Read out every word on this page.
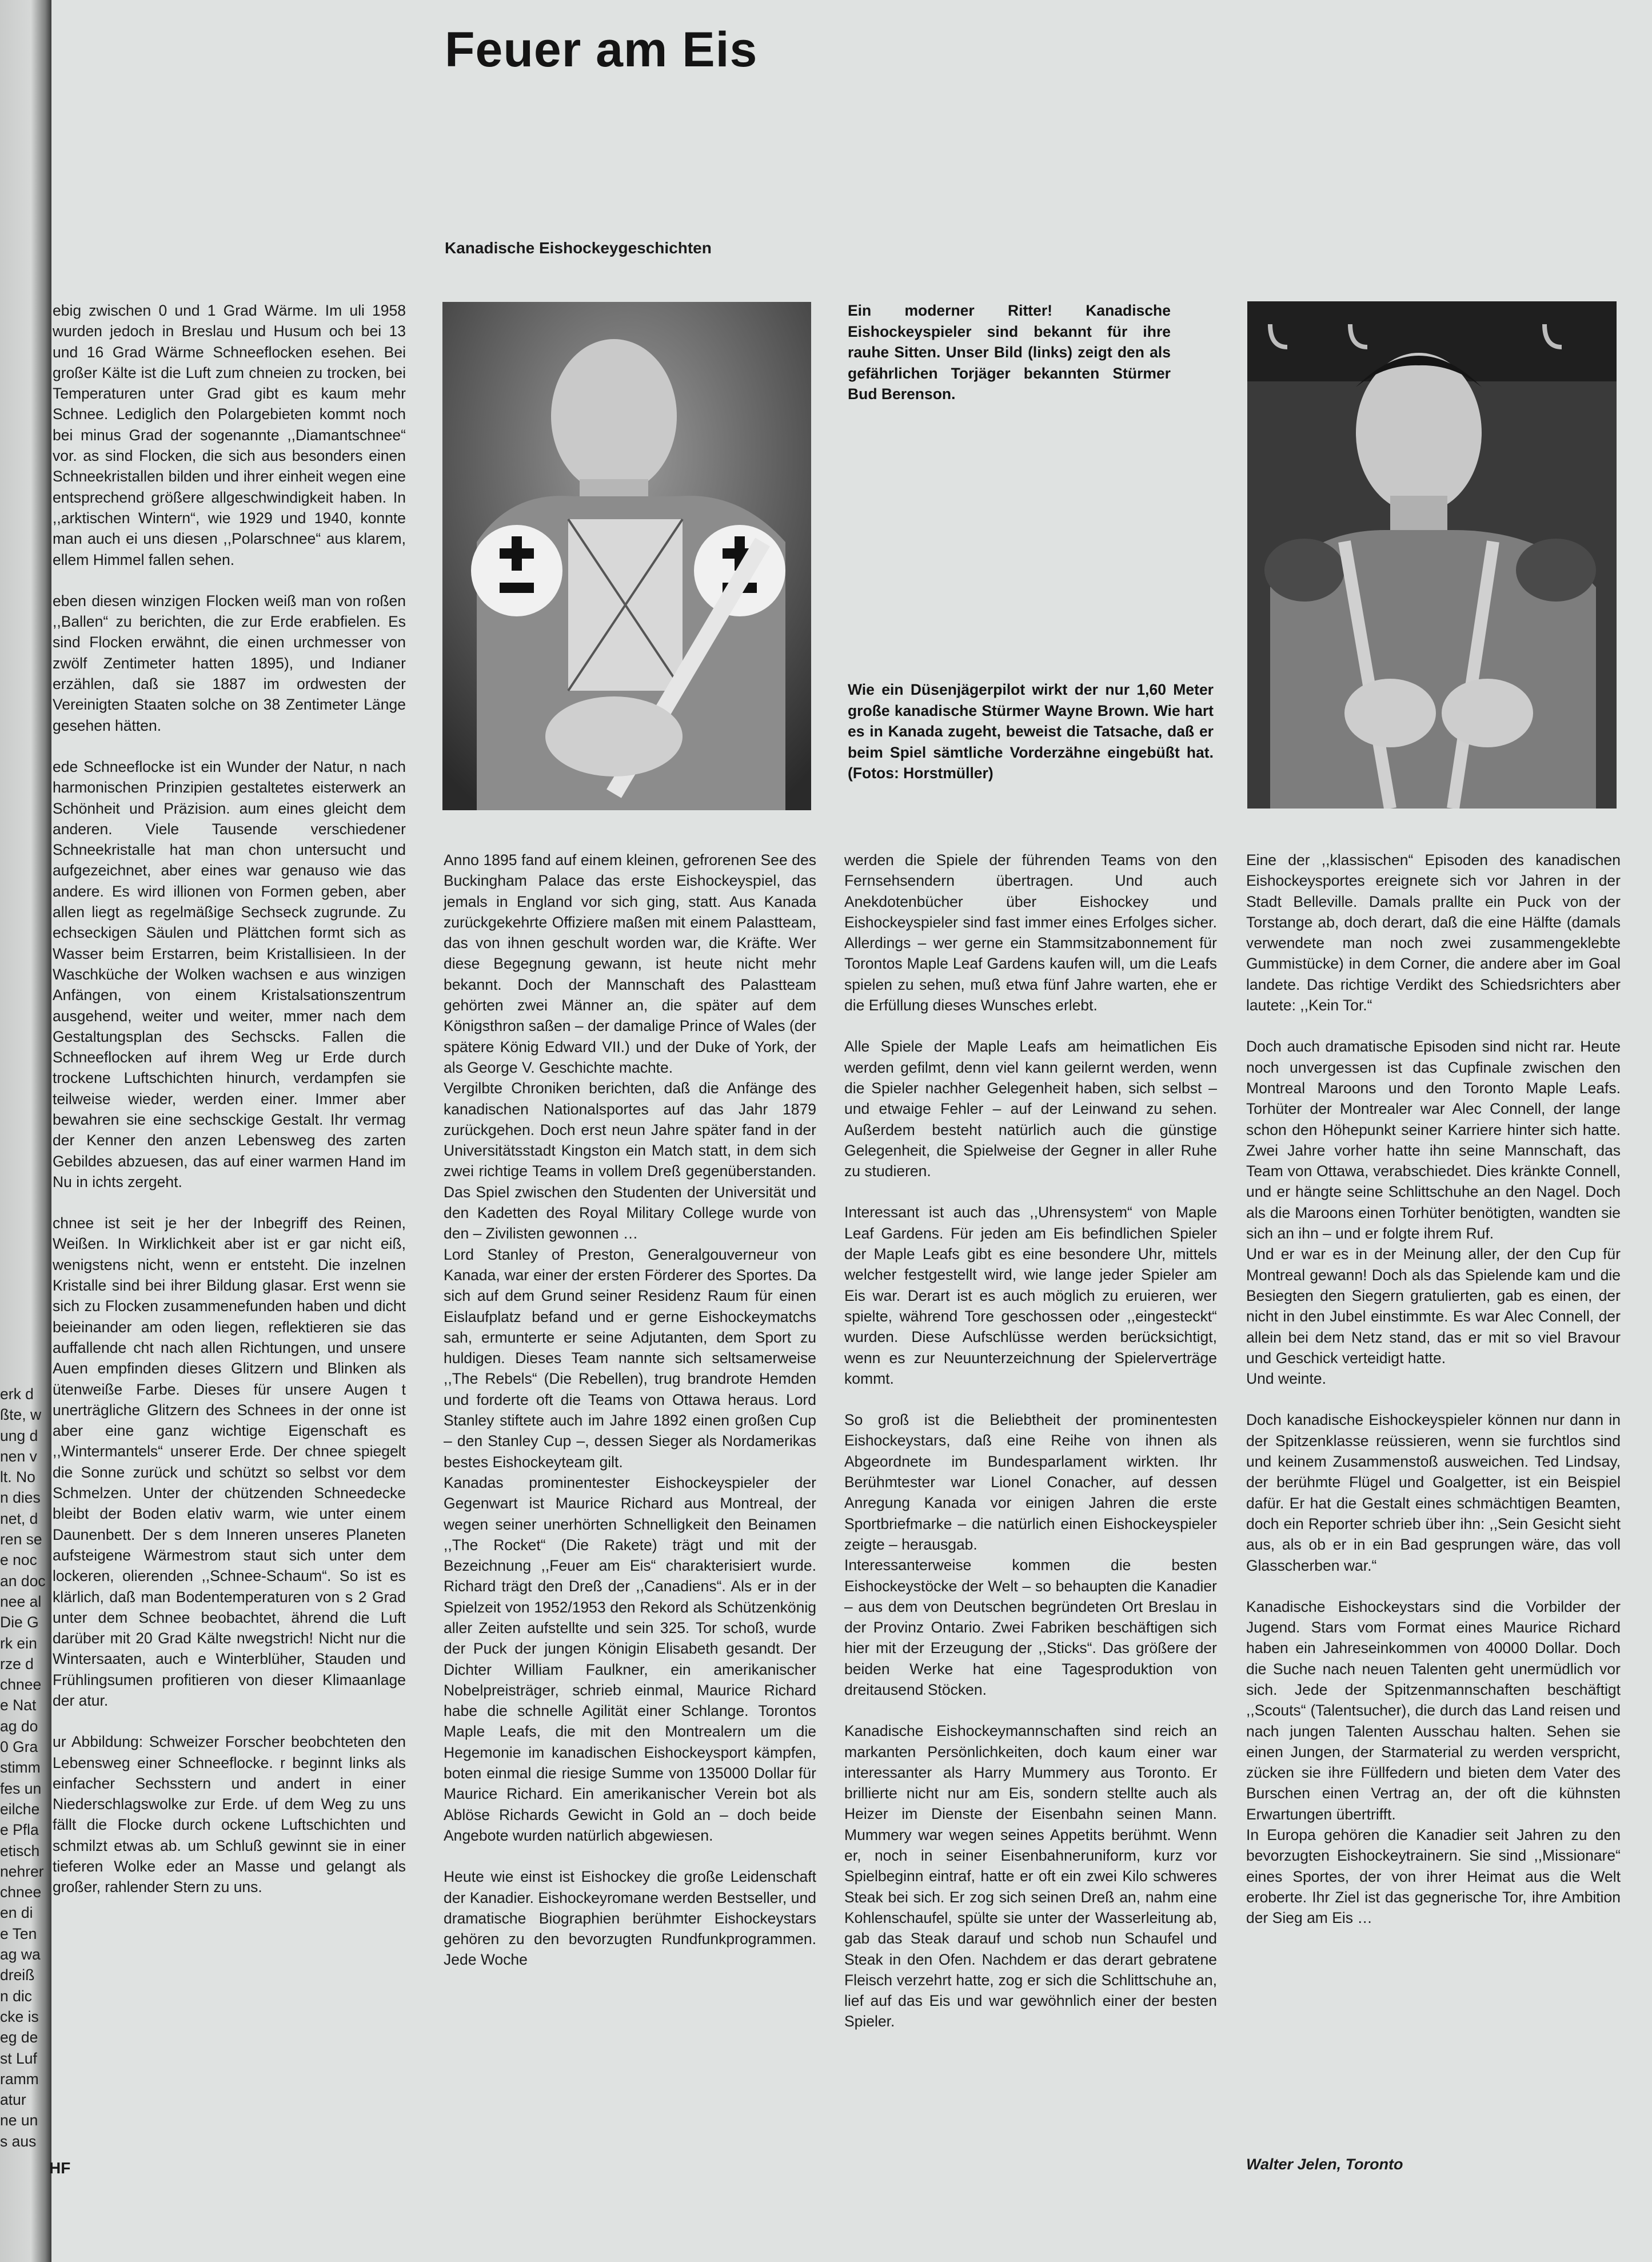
erk d
ßte, w
ung d
nen v
lt. No
n dies
net, d
ren se
e noc
an doc
nee al
Die G
rk ein
rze d
chnee
e Nat
ag do
0 Gra
stimm
fes un
eilche
e Pfla
etisch
nehrer
chnee
en di
e Ten
ag wa
dreiß
n dic
cke is
eg de
st Luf
ramm
atur
ne un
s aus
Feuer am Eis
Kanadische Eishockeygeschichten

ebig zwischen 0 und 1 Grad Wärme. Im uli 1958 wurden jedoch in Breslau und Husum och bei 13 und 16 Grad Wärme Schneeflocken esehen. Bei großer Kälte ist die Luft zum chneien zu trocken, bei Temperaturen unter Grad gibt es kaum mehr Schnee. Lediglich den Polargebieten kommt noch bei minus Grad der sogenannte ,,Diamantschnee“ vor. as sind Flocken, die sich aus besonders einen Schneekristallen bilden und ihrer einheit wegen eine entsprechend größere allgeschwindigkeit haben. In ,,arktischen Wintern“, wie 1929 und 1940, konnte man auch ei uns diesen ,,Polarschnee“ aus klarem, ellem Himmel fallen sehen.

eben diesen winzigen Flocken weiß man von roßen ,,Ballen“ zu berichten, die zur Erde erabfielen. Es sind Flocken erwähnt, die einen urchmesser von zwölf Zentimeter hatten 1895), und Indianer erzählen, daß sie 1887 im ordwesten der Vereinigten Staaten solche on 38 Zentimeter Länge gesehen hätten.

ede Schneeflocke ist ein Wunder der Natur, n nach harmonischen Prinzipien gestaltetes eisterwerk an Schönheit und Präzision. aum eines gleicht dem anderen. Viele Tausende verschiedener Schneekristalle hat man chon untersucht und aufgezeichnet, aber eines war genauso wie das andere. Es wird illionen von Formen geben, aber allen liegt as regelmäßige Sechseck zugrunde. Zu echseckigen Säulen und Plättchen formt sich as Wasser beim Erstarren, beim Kristallisieen. In der Waschküche der Wolken wachsen e aus winzigen Anfängen, von einem Kristalsationszentrum ausgehend, weiter und weiter, mmer nach dem Gestaltungsplan des Sechscks. Fallen die Schneeflocken auf ihrem Weg ur Erde durch trockene Luftschichten hinurch, verdampfen sie teilweise wieder, werden einer. Immer aber bewahren sie eine sechsckige Gestalt. Ihr vermag der Kenner den anzen Lebensweg des zarten Gebildes abzuesen, das auf einer warmen Hand im Nu in ichts zergeht.

chnee ist seit je her der Inbegriff des Reinen, Weißen. In Wirklichkeit aber ist er gar nicht eiß, wenigstens nicht, wenn er entsteht. Die inzelnen Kristalle sind bei ihrer Bildung glasar. Erst wenn sie sich zu Flocken zusammenefunden haben und dicht beieinander am oden liegen, reflektieren sie das auffallende cht nach allen Richtungen, und unsere Auen empfinden dieses Glitzern und Blinken als ütenweiße Farbe. Dieses für unsere Augen t unerträgliche Glitzern des Schnees in der onne ist aber eine ganz wichtige Eigenschaft es ,,Wintermantels“ unserer Erde. Der chnee spiegelt die Sonne zurück und schützt so selbst vor dem Schmelzen. Unter der chützenden Schneedecke bleibt der Boden elativ warm, wie unter einem Daunenbett. Der s dem Inneren unseres Planeten aufsteigene Wärmestrom staut sich unter dem lockeren, olierenden ,,Schnee-Schaum“. So ist es klärlich, daß man Bodentemperaturen von s 2 Grad unter dem Schnee beobachtet, ährend die Luft darüber mit 20 Grad Kälte nwegstrich! Nicht nur die Wintersaaten, auch e Winterblüher, Stauden und Frühlingsumen profitieren von dieser Klimaanlage der atur.

ur Abbildung: Schweizer Forscher beobchteten den Lebensweg einer Schneeflocke. r beginnt links als einfacher Sechsstern und andert in einer Niederschlagswolke zur Erde. uf dem Weg zu uns fällt die Flocke durch ockene Luftschichten und schmilzt etwas ab. um Schluß gewinnt sie in einer tieferen Wolke eder an Masse und gelangt als großer, rahlender Stern zu uns.

HF

Ein moderner Ritter! Kanadische Eishockeyspieler sind bekannt für ihre rauhe Sitten. Unser Bild (links) zeigt den als gefährlichen Torjäger bekannten Stürmer Bud Berenson.

Wie ein Düsenjägerpilot wirkt der nur 1,60 Meter große kanadische Stürmer Wayne Brown. Wie hart es in Kanada zugeht, beweist die Tatsache, daß er beim Spiel sämtliche Vorderzähne eingebüßt hat. (Fotos: Horstmüller)

Anno 1895 fand auf einem kleinen, gefrorenen See des Buckingham Palace das erste Eishockeyspiel, das jemals in England vor sich ging, statt. Aus Kanada zurückgekehrte Offiziere maßen mit einem Palastteam, das von ihnen geschult worden war, die Kräfte. Wer diese Begegnung gewann, ist heute nicht mehr bekannt. Doch der Mannschaft des Palastteam gehörten zwei Männer an, die später auf dem Königsthron saßen – der damalige Prince of Wales (der spätere König Edward VII.) und der Duke of York, der als George V. Geschichte machte.

Vergilbte Chroniken berichten, daß die Anfänge des kanadischen Nationalsportes auf das Jahr 1879 zurückgehen. Doch erst neun Jahre später fand in der Universitätsstadt Kingston ein Match statt, in dem sich zwei richtige Teams in vollem Dreß gegenüberstanden. Das Spiel zwischen den Studenten der Universität und den Kadetten des Royal Military College wurde von den – Zivilisten gewonnen …

Lord Stanley of Preston, Generalgouverneur von Kanada, war einer der ersten Förderer des Sportes. Da sich auf dem Grund seiner Residenz Raum für einen Eislaufplatz befand und er gerne Eishockeymatchs sah, ermunterte er seine Adjutanten, dem Sport zu huldigen. Dieses Team nannte sich seltsamerweise ,,The Rebels“ (Die Rebellen), trug brandrote Hemden und forderte oft die Teams von Ottawa heraus. Lord Stanley stiftete auch im Jahre 1892 einen großen Cup – den Stanley Cup –, dessen Sieger als Nordamerikas bestes Eishockeyteam gilt.

Kanadas prominentester Eishockeyspieler der Gegenwart ist Maurice Richard aus Montreal, der wegen seiner unerhörten Schnelligkeit den Beinamen ,,The Rocket“ (Die Rakete) trägt und mit der Bezeichnung ,,Feuer am Eis“ charakterisiert wurde. Richard trägt den Dreß der ,,Canadiens“. Als er in der Spielzeit von 1952/1953 den Rekord als Schützenkönig aller Zeiten aufstellte und sein 325. Tor schoß, wurde der Puck der jungen Königin Elisabeth gesandt. Der Dichter William Faulkner, ein amerikanischer Nobelpreisträger, schrieb einmal, Maurice Richard habe die schnelle Agilität einer Schlange. Torontos Maple Leafs, die mit den Montrealern um die Hegemonie im kanadischen Eishockeysport kämpfen, boten einmal die riesige Summe von 135000 Dollar für Maurice Richard. Ein amerikanischer Verein bot als Ablöse Richards Gewicht in Gold an – doch beide Angebote wurden natürlich abgewiesen.

Heute wie einst ist Eishockey die große Leidenschaft der Kanadier. Eishockeyromane werden Bestseller, und dramatische Biographien berühmter Eishockeystars gehören zu den bevorzugten Rundfunkprogrammen. Jede Woche

werden die Spiele der führenden Teams von den Fernsehsendern übertragen. Und auch Anekdotenbücher über Eishockey und Eishockeyspieler sind fast immer eines Erfolges sicher. Allerdings – wer gerne ein Stammsitzabonnement für Torontos Maple Leaf Gardens kaufen will, um die Leafs spielen zu sehen, muß etwa fünf Jahre warten, ehe er die Erfüllung dieses Wunsches erlebt.

Alle Spiele der Maple Leafs am heimatlichen Eis werden gefilmt, denn viel kann geilernt werden, wenn die Spieler nachher Gelegenheit haben, sich selbst – und etwaige Fehler – auf der Leinwand zu sehen. Außerdem besteht natürlich auch die günstige Gelegenheit, die Spielweise der Gegner in aller Ruhe zu studieren.

Interessant ist auch das ,,Uhrensystem“ von Maple Leaf Gardens. Für jeden am Eis befindlichen Spieler der Maple Leafs gibt es eine besondere Uhr, mittels welcher festgestellt wird, wie lange jeder Spieler am Eis war. Derart ist es auch möglich zu eruieren, wer spielte, während Tore geschossen oder ,,eingesteckt“ wurden. Diese Aufschlüsse werden berücksichtigt, wenn es zur Neuunterzeichnung der Spielerverträge kommt.

So groß ist die Beliebtheit der prominentesten Eishockeystars, daß eine Reihe von ihnen als Abgeordnete im Bundesparlament wirkten. Ihr Berühmtester war Lionel Conacher, auf dessen Anregung Kanada vor einigen Jahren die erste Sportbriefmarke – die natürlich einen Eishockeyspieler zeigte – herausgab.

Interessanterweise kommen die besten Eishockeystöcke der Welt – so behaupten die Kanadier – aus dem von Deutschen begründeten Ort Breslau in der Provinz Ontario. Zwei Fabriken beschäftigen sich hier mit der Erzeugung der ,,Sticks“. Das größere der beiden Werke hat eine Tagesproduktion von dreitausend Stöcken.

Kanadische Eishockeymannschaften sind reich an markanten Persönlichkeiten, doch kaum einer war interessanter als Harry Mummery aus Toronto. Er brillierte nicht nur am Eis, sondern stellte auch als Heizer im Dienste der Eisenbahn seinen Mann. Mummery war wegen seines Appetits berühmt. Wenn er, noch in seiner Eisenbahneruniform, kurz vor Spielbeginn eintraf, hatte er oft ein zwei Kilo schweres Steak bei sich. Er zog sich seinen Dreß an, nahm eine Kohlenschaufel, spülte sie unter der Wasserleitung ab, gab das Steak darauf und schob nun Schaufel und Steak in den Ofen. Nachdem er das derart gebratene Fleisch verzehrt hatte, zog er sich die Schlittschuhe an, lief auf das Eis und war gewöhnlich einer der besten Spieler.

Eine der ,,klassischen“ Episoden des kanadischen Eishockeysportes ereignete sich vor Jahren in der Stadt Belleville. Damals prallte ein Puck von der Torstange ab, doch derart, daß die eine Hälfte (damals verwendete man noch zwei zusammengeklebte Gummistücke) in dem Corner, die andere aber im Goal landete. Das richtige Verdikt des Schiedsrichters aber lautete: ,,Kein Tor.“

Doch auch dramatische Episoden sind nicht rar. Heute noch unvergessen ist das Cupfinale zwischen den Montreal Maroons und den Toronto Maple Leafs. Torhüter der Montrealer war Alec Connell, der lange schon den Höhepunkt seiner Karriere hinter sich hatte. Zwei Jahre vorher hatte ihn seine Mannschaft, das Team von Ottawa, verabschiedet. Dies kränkte Connell, und er hängte seine Schlittschuhe an den Nagel. Doch als die Maroons einen Torhüter benötigten, wandten sie sich an ihn – und er folgte ihrem Ruf.

Und er war es in der Meinung aller, der den Cup für Montreal gewann! Doch als das Spielende kam und die Besiegten den Siegern gratulierten, gab es einen, der nicht in den Jubel einstimmte. Es war Alec Connell, der allein bei dem Netz stand, das er mit so viel Bravour und Geschick verteidigt hatte.

Und weinte.

Doch kanadische Eishockeyspieler können nur dann in der Spitzenklasse reüssieren, wenn sie furchtlos sind und keinem Zusammenstoß ausweichen. Ted Lindsay, der berühmte Flügel und Goalgetter, ist ein Beispiel dafür. Er hat die Gestalt eines schmächtigen Beamten, doch ein Reporter schrieb über ihn: ,,Sein Gesicht sieht aus, als ob er in ein Bad gesprungen wäre, das voll Glasscherben war.“

Kanadische Eishockeystars sind die Vorbilder der Jugend. Stars vom Format eines Maurice Richard haben ein Jahreseinkommen von 40000 Dollar. Doch die Suche nach neuen Talenten geht unermüdlich vor sich. Jede der Spitzenmannschaften beschäftigt ,,Scouts“ (Talentsucher), die durch das Land reisen und nach jungen Talenten Ausschau halten. Sehen sie einen Jungen, der Starmaterial zu werden verspricht, zücken sie ihre Füllfedern und bieten dem Vater des Burschen einen Vertrag an, der oft die kühnsten Erwartungen übertrifft.

In Europa gehören die Kanadier seit Jahren zu den bevorzugten Eishockeytrainern. Sie sind ,,Missionare“ eines Sportes, der von ihrer Heimat aus die Welt eroberte. Ihr Ziel ist das gegnerische Tor, ihre Ambition der Sieg am Eis …

Walter Jelen, Toronto
